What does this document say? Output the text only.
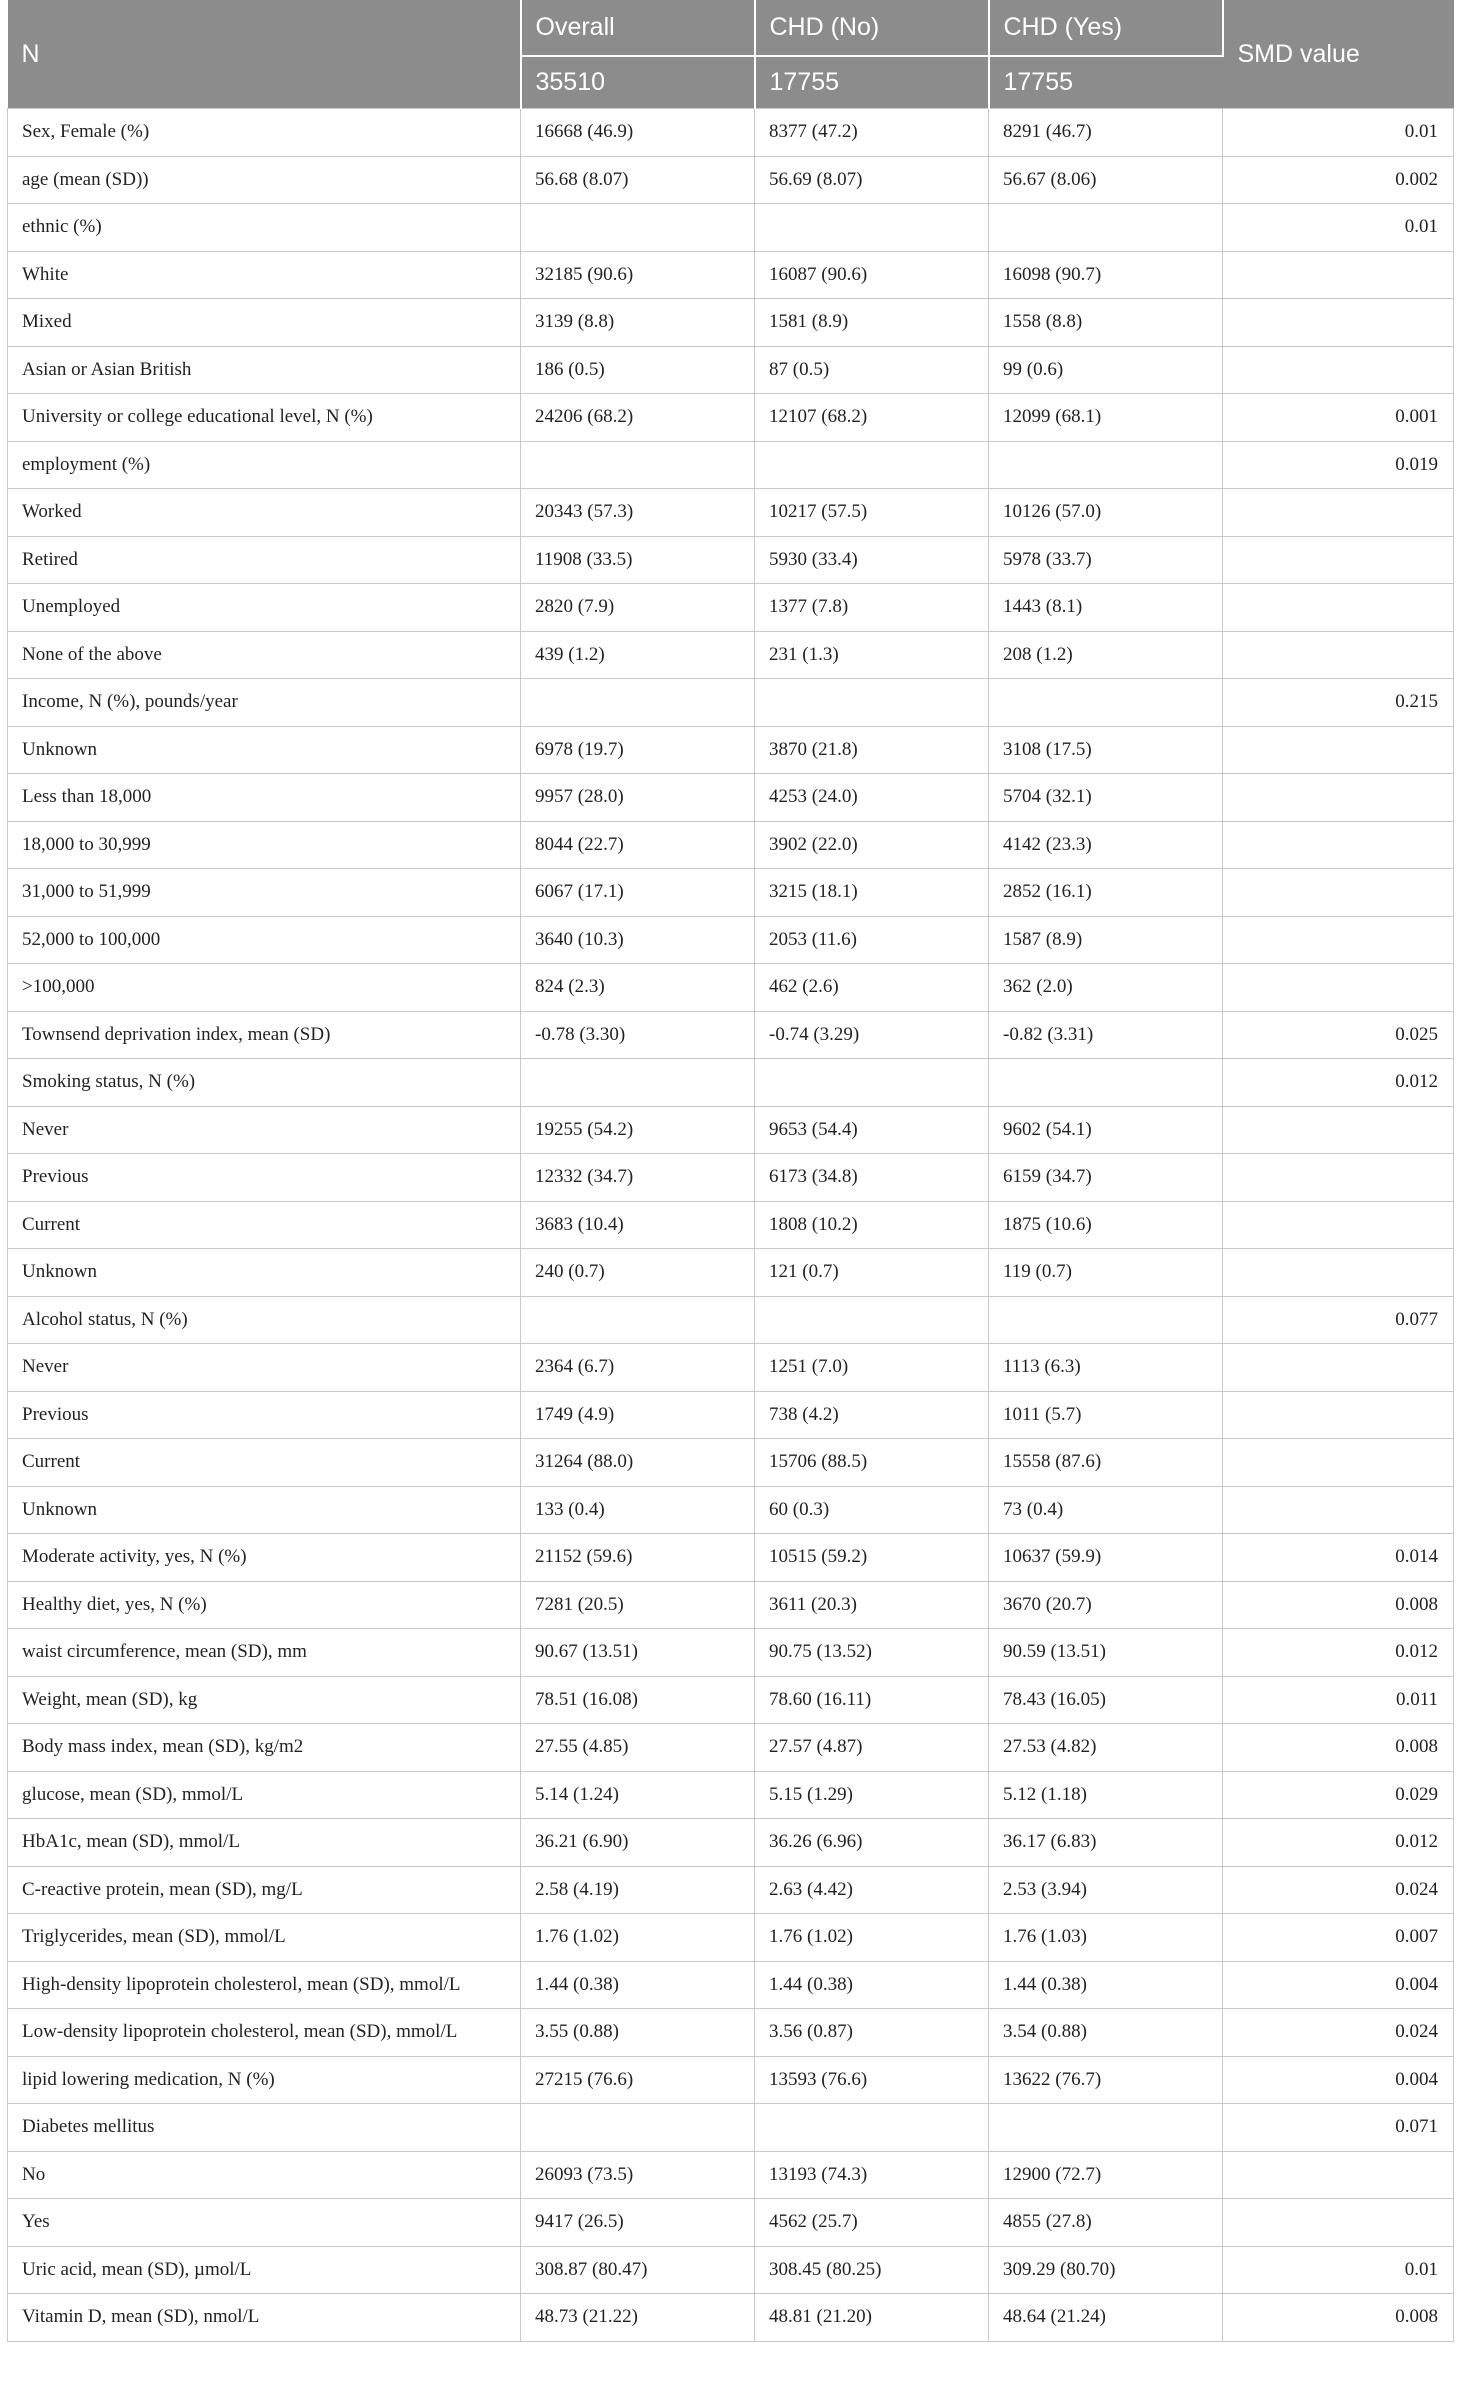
N	Overall	CHD (No)	CHD (Yes)	SMD value
	35510	17755	17755	
Sex, Female (%)	16668 (46.9)	8377 (47.2)	8291 (46.7)	0.01
age (mean (SD))	56.68 (8.07)	56.69 (8.07)	56.67 (8.06)	0.002
ethnic (%)				0.01
White	32185 (90.6)	16087 (90.6)	16098 (90.7)	
Mixed	3139 (8.8)	1581 (8.9)	1558 (8.8)	
Asian or Asian British	186 (0.5)	87 (0.5)	99 (0.6)	
University or college educational level, N (%)	24206 (68.2)	12107 (68.2)	12099 (68.1)	0.001
employment (%)				0.019
Worked	20343 (57.3)	10217 (57.5)	10126 (57.0)	
Retired	11908 (33.5)	5930 (33.4)	5978 (33.7)	
Unemployed	2820 (7.9)	1377 (7.8)	1443 (8.1)	
None of the above	439 (1.2)	231 (1.3)	208 (1.2)	
Income, N (%), pounds/year				0.215
Unknown	6978 (19.7)	3870 (21.8)	3108 (17.5)	
Less than 18,000	9957 (28.0)	4253 (24.0)	5704 (32.1)	
18,000 to 30,999	8044 (22.7)	3902 (22.0)	4142 (23.3)	
31,000 to 51,999	6067 (17.1)	3215 (18.1)	2852 (16.1)	
52,000 to 100,000	3640 (10.3)	2053 (11.6)	1587 (8.9)	
>100,000	824 (2.3)	462 (2.6)	362 (2.0)	
Townsend deprivation index, mean (SD)	-0.78 (3.30)	-0.74 (3.29)	-0.82 (3.31)	0.025
Smoking status, N (%)				0.012
Never	19255 (54.2)	9653 (54.4)	9602 (54.1)	
Previous	12332 (34.7)	6173 (34.8)	6159 (34.7)	
Current	3683 (10.4)	1808 (10.2)	1875 (10.6)	
Unknown	240 (0.7)	121 (0.7)	119 (0.7)	
Alcohol status, N (%)				0.077
Never	2364 (6.7)	1251 (7.0)	1113 (6.3)	
Previous	1749 (4.9)	738 (4.2)	1011 (5.7)	
Current	31264 (88.0)	15706 (88.5)	15558 (87.6)	
Unknown	133 (0.4)	60 (0.3)	73 (0.4)	
Moderate activity, yes, N (%)	21152 (59.6)	10515 (59.2)	10637 (59.9)	0.014
Healthy diet, yes, N (%)	7281 (20.5)	3611 (20.3)	3670 (20.7)	0.008
waist circumference, mean (SD), mm	90.67 (13.51)	90.75 (13.52)	90.59 (13.51)	0.012
Weight, mean (SD), kg	78.51 (16.08)	78.60 (16.11)	78.43 (16.05)	0.011
Body mass index, mean (SD), kg/m2	27.55 (4.85)	27.57 (4.87)	27.53 (4.82)	0.008
glucose, mean (SD), mmol/L	5.14 (1.24)	5.15 (1.29)	5.12 (1.18)	0.029
HbA1c, mean (SD), mmol/L	36.21 (6.90)	36.26 (6.96)	36.17 (6.83)	0.012
C-reactive protein, mean (SD), mg/L	2.58 (4.19)	2.63 (4.42)	2.53 (3.94)	0.024
Triglycerides, mean (SD), mmol/L	1.76 (1.02)	1.76 (1.02)	1.76 (1.03)	0.007
High-density lipoprotein cholesterol, mean (SD), mmol/L	1.44 (0.38)	1.44 (0.38)	1.44 (0.38)	0.004
Low-density lipoprotein cholesterol, mean (SD), mmol/L	3.55 (0.88)	3.56 (0.87)	3.54 (0.88)	0.024
lipid lowering medication, N (%)	27215 (76.6)	13593 (76.6)	13622 (76.7)	0.004
Diabetes mellitus				0.071
No	26093 (73.5)	13193 (74.3)	12900 (72.7)	
Yes	9417 (26.5)	4562 (25.7)	4855 (27.8)	
Uric acid, mean (SD), µmol/L	308.87 (80.47)	308.45 (80.25)	309.29 (80.70)	0.01
Vitamin D, mean (SD), nmol/L	48.73 (21.22)	48.81 (21.20)	48.64 (21.24)	0.008
